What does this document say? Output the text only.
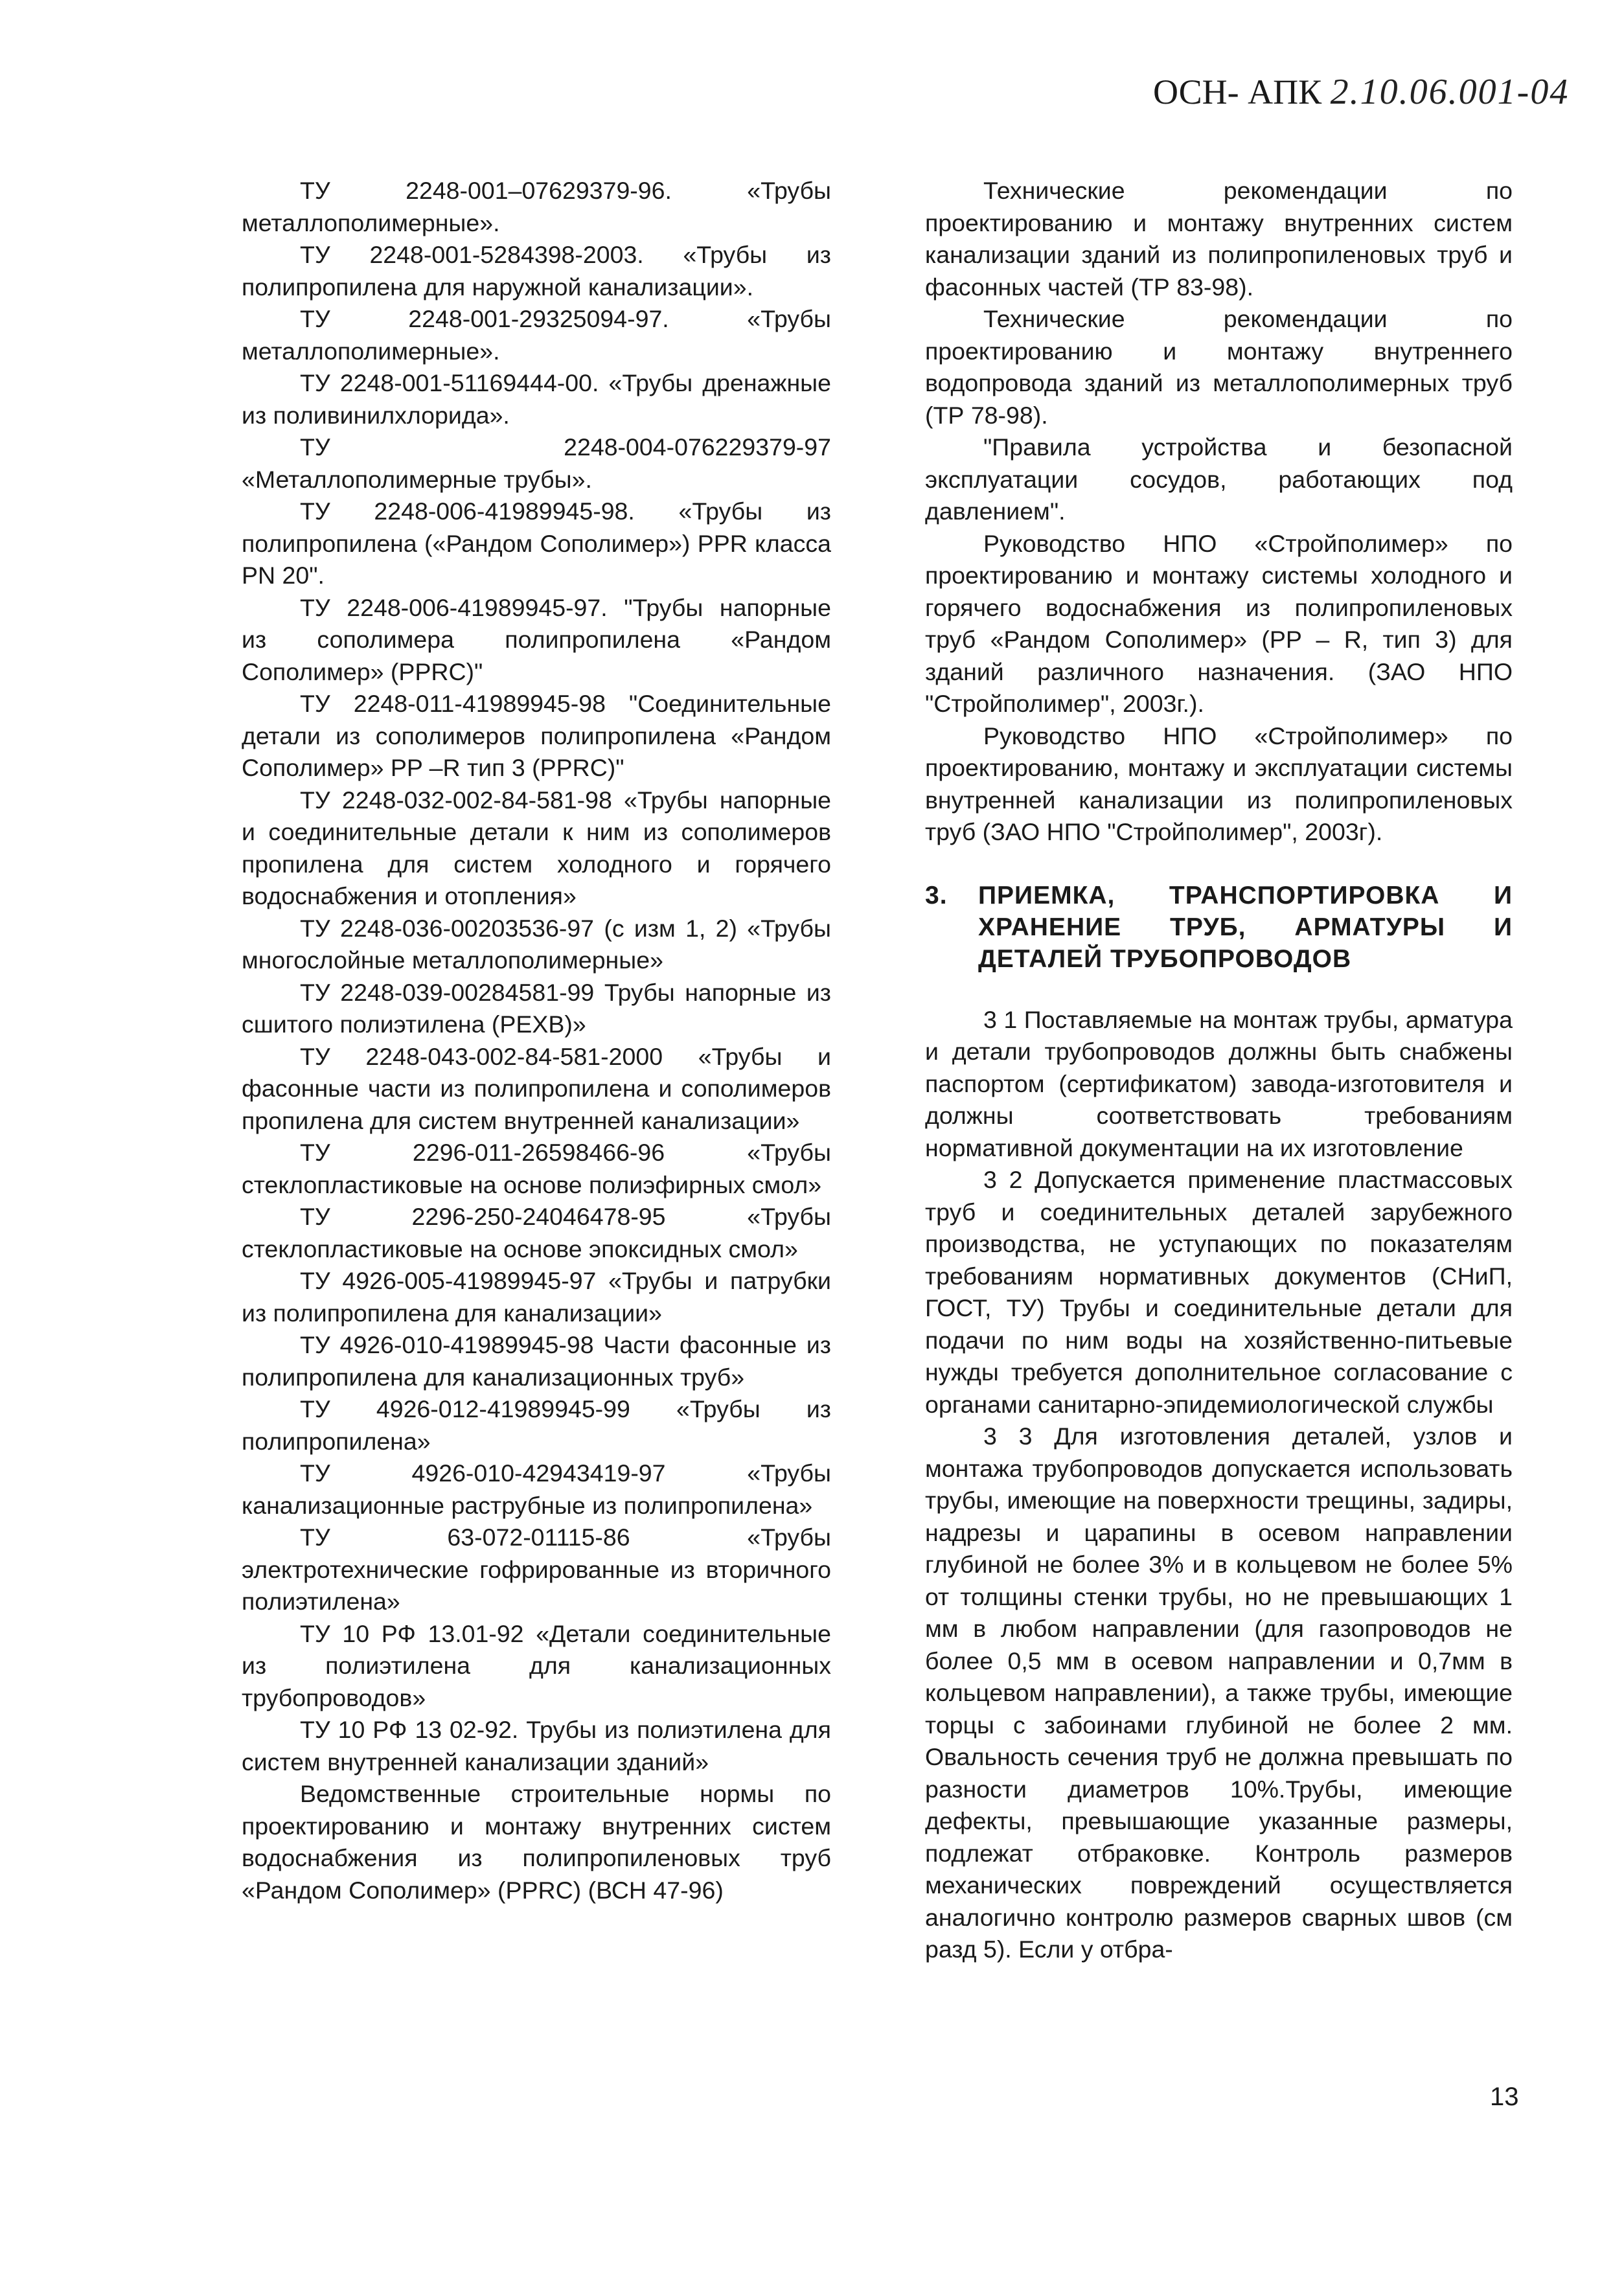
ОСН- АПК 2.10.06.001-04

ТУ 2248-001–07629379-96. «Трубы металлополимерные».

ТУ 2248-001-5284398-2003. «Трубы из полипропилена для наружной канализации».

ТУ 2248-001-29325094-97. «Трубы металлополимерные».

ТУ 2248-001-51169444-00. «Трубы дренажные из поливинилхлорида».

ТУ 2248-004-076229379-97 «Металлополимерные трубы».

ТУ 2248-006-41989945-98. «Трубы из полипропилена («Рандом Сополимер») PPR класса PN 20".

ТУ 2248-006-41989945-97. "Трубы напорные из сополимера полипропилена «Рандом Сополимер» (PPRC)"

ТУ 2248-011-41989945-98 "Соединительные детали из сополимеров полипропилена «Рандом Сополимер» PP –R тип 3 (PPRC)"

ТУ 2248-032-002-84-581-98 «Трубы напорные и соединительные детали к ним из сополимеров пропилена для систем холодного и горячего водоснабжения и отопления»

ТУ 2248-036-00203536-97 (с изм 1, 2) «Трубы многослойные металлополимерные»

ТУ 2248-039-00284581-99 Трубы напорные из сшитого полиэтилена (PEXB)»

ТУ 2248-043-002-84-581-2000 «Трубы и фасонные части из полипропилена и сополимеров пропилена для систем внутренней канализации»

ТУ 2296-011-26598466-96 «Трубы стеклопластиковые на основе полиэфирных смол»

ТУ 2296-250-24046478-95 «Трубы стеклопластиковые на основе эпоксидных смол»

ТУ 4926-005-41989945-97 «Трубы и патрубки из полипропилена для канализации»

ТУ 4926-010-41989945-98 Части фасонные из полипропилена для канализационных труб»

ТУ 4926-012-41989945-99 «Трубы из полипропилена»

ТУ 4926-010-42943419-97 «Трубы канализационные раструбные из полипропилена»

ТУ 63-072-01115-86 «Трубы электротехнические гофрированные из вторичного полиэтилена»

ТУ 10 РФ 13.01-92 «Детали соединительные из полиэтилена для канализационных трубопроводов»

ТУ 10 РФ 13 02-92. Трубы из полиэтилена для систем внутренней канализации зданий»

Ведомственные строительные нормы по проектированию и монтажу внутренних систем водоснабжения из полипропиленовых труб «Рандом Сополимер» (PPRC) (ВСН 47-96)

Технические рекомендации по проектированию и монтажу внутренних систем канализации зданий из полипропиленовых труб и фасонных частей (ТР 83-98).

Технические рекомендации по проектированию и монтажу внутреннего водопровода зданий из металлополимерных труб (ТР 78-98).

"Правила устройства и безопасной эксплуатации сосудов, работающих под давлением".

Руководство НПО «Стройполимер» по проектированию и монтажу системы холодного и горячего водоснабжения из полипропиленовых труб «Рандом Сополимер» (PP – R, тип 3) для зданий различного назначения. (ЗАО НПО "Стройполимер", 2003г.).

Руководство НПО «Стройполимер» по проектированию, монтажу и эксплуатации системы внутренней канализации из полипропиленовых труб (ЗАО НПО "Стройполимер", 2003г).

3.	ПРИЕМКА, ТРАНСПОРТИРОВКА И ХРАНЕНИЕ ТРУБ, АРМАТУРЫ И ДЕТАЛЕЙ ТРУБОПРОВОДОВ

3 1 Поставляемые на монтаж трубы, арматура и детали трубопроводов должны быть снабжены паспортом (сертификатом) завода-изготовителя и должны соответствовать требованиям нормативной документации на их изготовление

3 2 Допускается применение пластмассовых труб и соединительных деталей зарубежного производства, не уступающих по показателям требованиям нормативных документов (СНиП, ГОСТ, ТУ) Трубы и соединительные детали для подачи по ним воды на хозяйственно-питьевые нужды требуется дополнительное согласование с органами санитарно-эпидемиологической службы

3 3 Для изготовления деталей, узлов и монтажа трубопроводов допускается использовать трубы, имеющие на поверхности трещины, задиры, надрезы и царапины в осевом направлении глубиной не более 3% и в кольцевом не более 5% от толщины стенки трубы, но не превышающих 1 мм в любом направлении (для газопроводов не более 0,5 мм в осевом направлении и 0,7мм в кольцевом направлении), а также трубы, имеющие торцы с забоинами глубиной не более 2 мм. Овальность сечения труб не должна превышать по разности диаметров 10%.Трубы, имеющие дефекты, превышающие указанные размеры, подлежат отбраковке. Контроль размеров механических повреждений осуществляется аналогично контролю размеров сварных швов (см разд 5). Если у отбра-

13
